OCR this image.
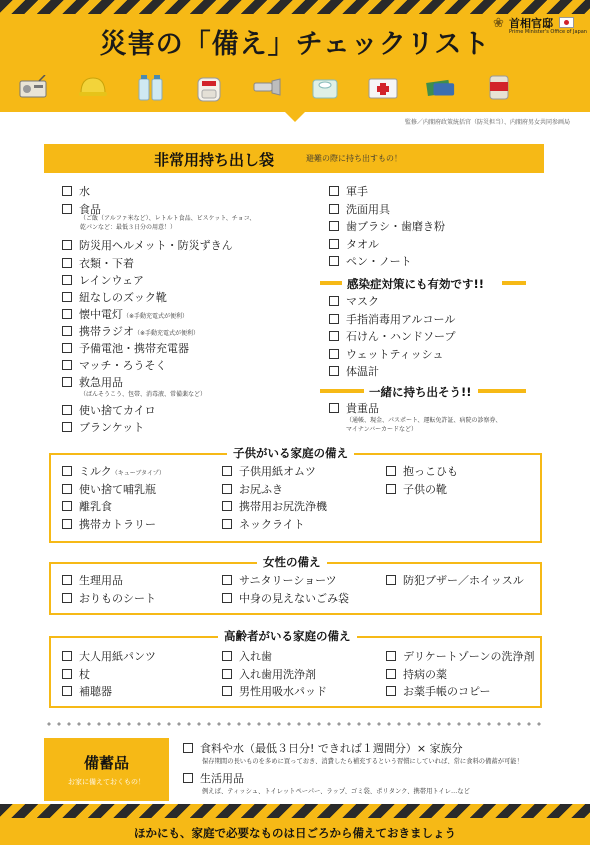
災害の「備え」チェックリスト
❀ 首相官邸
Prime Minister's Office of Japan
監修／内閣府政策統括官（防災担当）、内閣府男女共同参画局
非常用持ち出し袋	避難の際に持ち出すもの！
水
食品
防災用ヘルメット・防災ずきん
衣類・下着
レインウェア
紐なしのズック靴
懐中電灯（※手動充電式が便利）
携帯ラジオ（※手動充電式が便利）
予備電池・携帯充電器
マッチ・ろうそく
救急用品
使い捨てカイロ
ブランケット
（ご飯（アルファ米など）、レトルト食品、ビスケット、チョコ、
乾パンなど：最低３日分の用意！）
（ばんそうこう、包帯、消毒液、常備薬など）
軍手
洗面用具
歯ブラシ・歯磨き粉
タオル
ペン・ノート
感染症対策にも有効です!!
マスク
手指消毒用アルコール
石けん・ハンドソープ
ウェットティッシュ
体温計
一緒に持ち出そう!!
貴重品
（通帳、現金、パスポート、運転免許証、病院の診察券、
マイナンバーカードなど）
子供がいる家庭の備え
ミルク（キューブタイプ）
使い捨て哺乳瓶
離乳食
携帯カトラリー
子供用紙オムツ
お尻ふき
携帯用お尻洗浄機
ネックライト
抱っこひも
子供の靴
女性の備え
生理用品
おりものシート
サニタリーショーツ
中身の見えないごみ袋
防犯ブザー／ホイッスル
高齢者がいる家庭の備え
大人用紙パンツ
杖
補聴器
入れ歯
入れ歯用洗浄剤
男性用吸水パッド
デリケートゾーンの洗浄剤
持病の薬
お薬手帳のコピー
備蓄品
お家に備えておくもの！
食料や水（最低３日分! できれば１週間分）× 家族分
保存期間の長いものを多めに買っておき、消費したら補充するという習慣にしていれば、常に食料の備蓄が可能！
生活用品
例えば、ティッシュ、トイレットペーパー、ラップ、ゴミ袋、ポリタンク、携帯用トイレ…など
ほかにも、家庭で必要なものは日ごろから備えておきましょう
